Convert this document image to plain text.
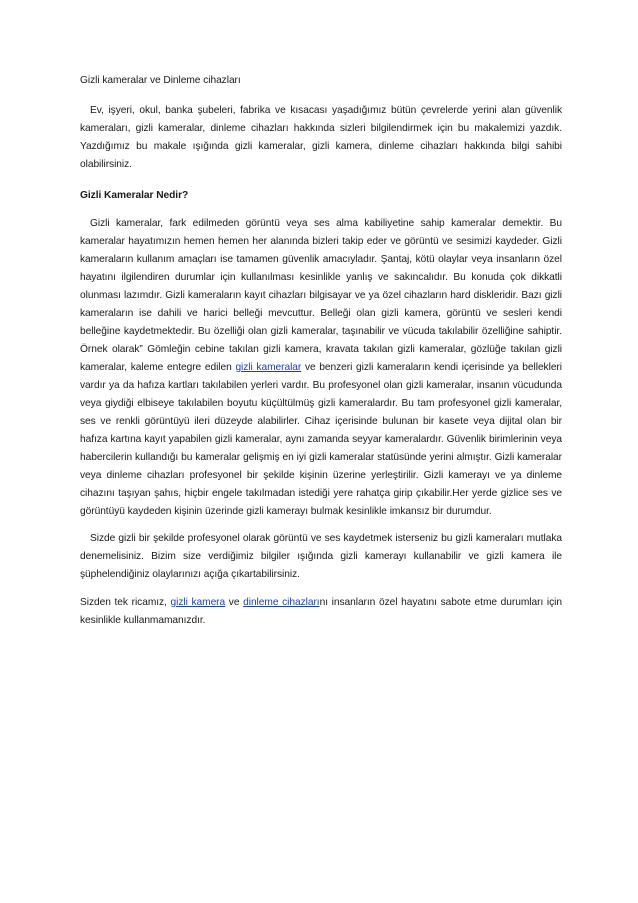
Gizli kameralar ve Dinleme cihazları

Ev, işyeri, okul, banka şubeleri, fabrika ve kısacası yaşadığımız bütün çevrelerde yerini alan güvenlik kameraları, gizli kameralar, dinleme cihazları hakkında sizleri bilgilendirmek için bu makalemizi yazdık. Yazdığımız bu makale ışığında gizli kameralar, gizli kamera, dinleme cihazları hakkında bilgi sahibi olabilirsiniz.

Gizli Kameralar Nedir?

Gizli kameralar, fark edilmeden görüntü veya ses alma kabiliyetine sahip kameralar demektir. Bu kameralar hayatımızın hemen hemen her alanında bizleri takip eder ve görüntü ve sesimizi kaydeder. Gizli kameraların kullanım amaçları ise tamamen güvenlik amacıyladır. Şantaj, kötü olaylar veya insanların özel hayatını ilgilendiren durumlar için kullanılması kesinlikle yanlış ve sakıncalıdır. Bu konuda çok dikkatli olunması lazımdır. Gizli kameraların kayıt cihazları bilgisayar ve ya özel cihazların hard diskleridir. Bazı gizli kameraların ise dahili ve harici belleği mevcuttur. Belleği olan gizli kamera, görüntü ve sesleri kendi belleğine kaydetmektedir. Bu özelliği olan gizli kameralar, taşınabilir ve vücuda takılabilir özelliğine sahiptir. Örnek olarak” Gömleğin cebine takılan gizli kamera, kravata takılan gizli kameralar, gözlüğe takılan gizli kameralar, kaleme entegre edilen gizli kameralar ve benzeri gizli kameraların kendi içerisinde ya bellekleri vardır ya da hafıza kartları takılabilen yerleri vardır. Bu profesyonel olan gizli kameralar, insanın vücudunda veya giydiği elbiseye takılabilen boyutu küçültülmüş gizli kameralardır. Bu tam profesyonel gizli kameralar, ses ve renkli görüntüyü ileri düzeyde alabilirler. Cihaz içerisinde bulunan bir kasete veya dijital olan bir hafıza kartına kayıt yapabilen gizli kameralar, aynı zamanda seyyar kameralardır. Güvenlik birimlerinin veya habercilerin kullandığı bu kameralar gelişmiş en iyi gizli kameralar statüsünde yerini almıştır. Gizli kameralar veya dinleme cihazları profesyonel bir şekilde kişinin üzerine yerleştirilir. Gizli kamerayı ve ya dinleme cihazını taşıyan şahıs, hiçbir engele takılmadan istediği yere rahatça girip çıkabilir.Her yerde gizlice ses ve görüntüyü kaydeden kişinin üzerinde gizli kamerayı bulmak kesinlikle imkansız bir durumdur.

Sizde gizli bir şekilde profesyonel olarak görüntü ve ses kaydetmek isterseniz bu gizli kameraları mutlaka denemelisiniz. Bizim size verdiğimiz bilgiler ışığında gizli kamerayı kullanabilir ve gizli kamera ile şüphelendiğiniz olaylarınızı açığa çıkartabilirsiniz.

Sizden tek ricamız, gizli kamera ve dinleme cihazlarını insanların özel hayatını sabote etme durumları için kesinlikle kullanmamanızdır.
